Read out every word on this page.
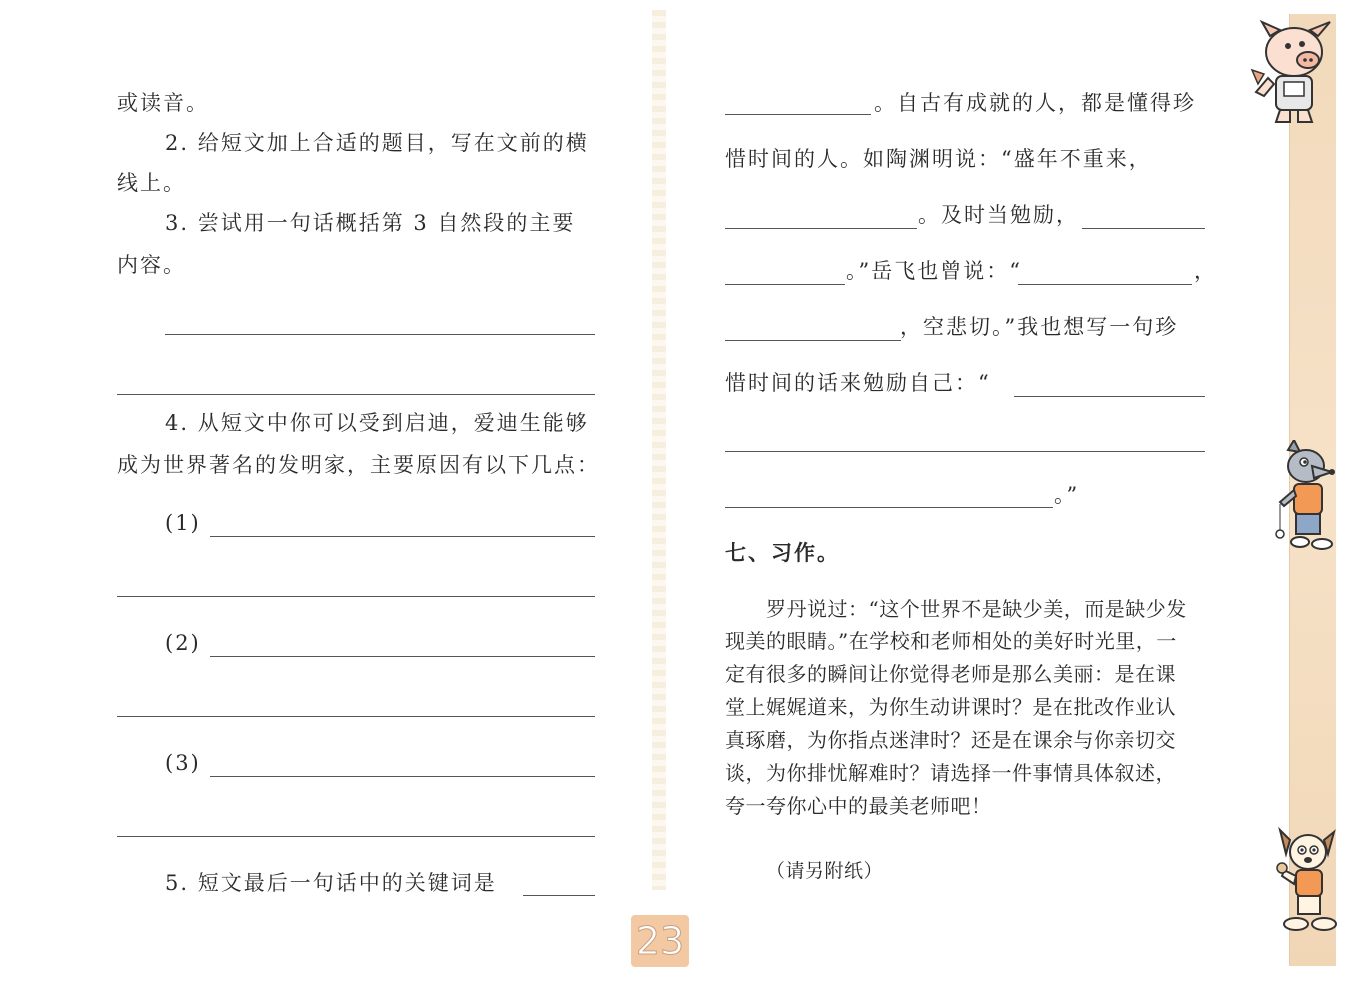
或读音。
2. 给短文加上合适的题目，写在文前的横
线上。
3. 尝试用一句话概括第 3 自然段的主要
内容。
4. 从短文中你可以受到启迪，爱迪生能够
成为世界著名的发明家，主要原因有以下几点：
(1)
(2)
(3)
5. 短文最后一句话中的关键词是
。自古有成就的人，都是懂得珍
惜时间的人。如陶渊明说：“盛年不重来，
。及时当勉励，
。”岳飞也曾说：“	，
，空悲切。”我也想写一句珍
惜时间的话来勉励自己：“
。”
七、习作。
罗丹说过：“这个世界不是缺少美，而是缺少发
现美的眼睛。”在学校和老师相处的美好时光里，一
定有很多的瞬间让你觉得老师是那么美丽：是在课
堂上娓娓道来，为你生动讲课时？是在批改作业认
真琢磨，为你指点迷津时？还是在课余与你亲切交
谈，为你排忧解难时？请选择一件事情具体叙述，
夸一夸你心中的最美老师吧！
（请另附纸）
23
